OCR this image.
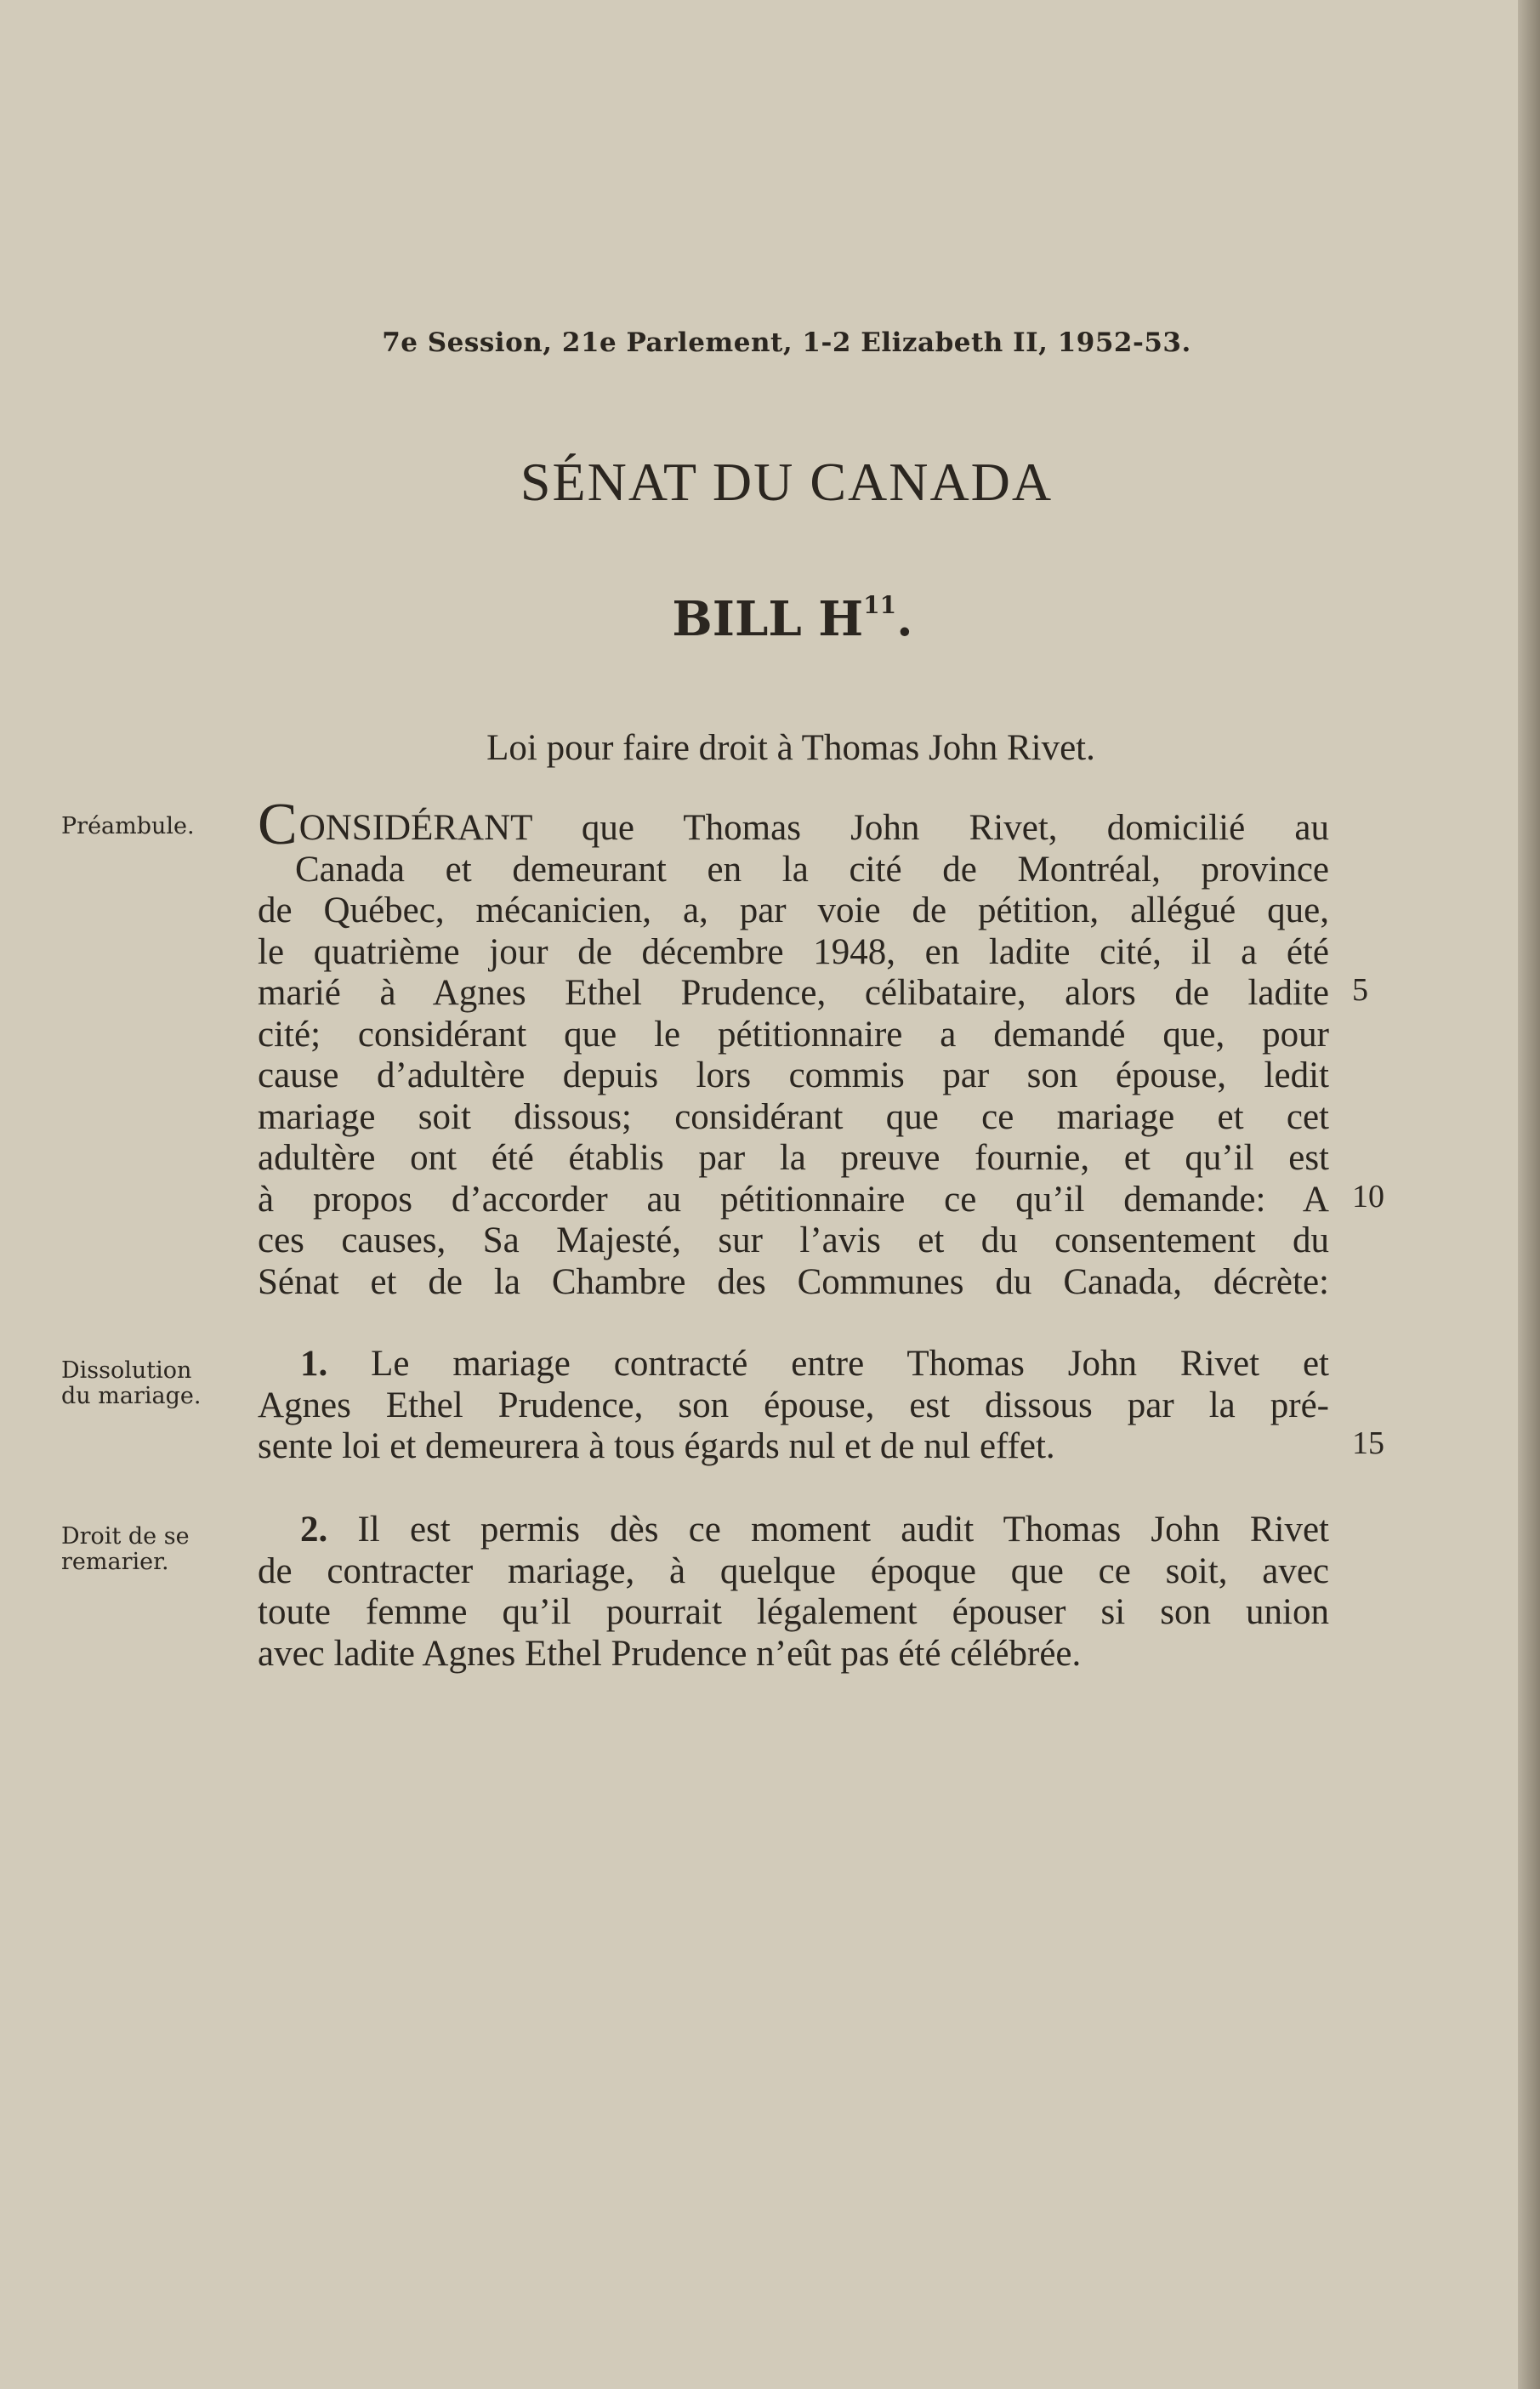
7e Session, 21e Parlement, 1-2 Elizabeth II, 1952-53.
SÉNAT DU CANADA
BILL $H^{11}$.
Loi pour faire droit à Thomas John Rivet.
Préambule.
Dissolution
du mariage.
Droit de se
remarier.
CONSIDÉRANT que Thomas John Rivet, domicilié au
Canada et demeurant en la cité de Montréal, province
de Québec, mécanicien, a, par voie de pétition, allégué que,
le quatrième jour de décembre 1948, en ladite cité, il a été
marié à Agnes Ethel Prudence, célibataire, alors de ladite
cité; considérant que le pétitionnaire a demandé que, pour
cause d’adultère depuis lors commis par son épouse, ledit
mariage soit dissous; considérant que ce mariage et cet
adultère ont été établis par la preuve fournie, et qu’il est
à propos d’accorder au pétitionnaire ce qu’il demande: A
ces causes, Sa Majesté, sur l’avis et du consentement du
Sénat et de la Chambre des Communes du Canada, décrète:
1. Le mariage contracté entre Thomas John Rivet et
Agnes Ethel Prudence, son épouse, est dissous par la pré-
sente loi et demeurera à tous égards nul et de nul effet.
2. Il est permis dès ce moment audit Thomas John Rivet
de contracter mariage, à quelque époque que ce soit, avec
toute femme qu’il pourrait légalement épouser si son union
avec ladite Agnes Ethel Prudence n’eût pas été célébrée.
5
10
15
